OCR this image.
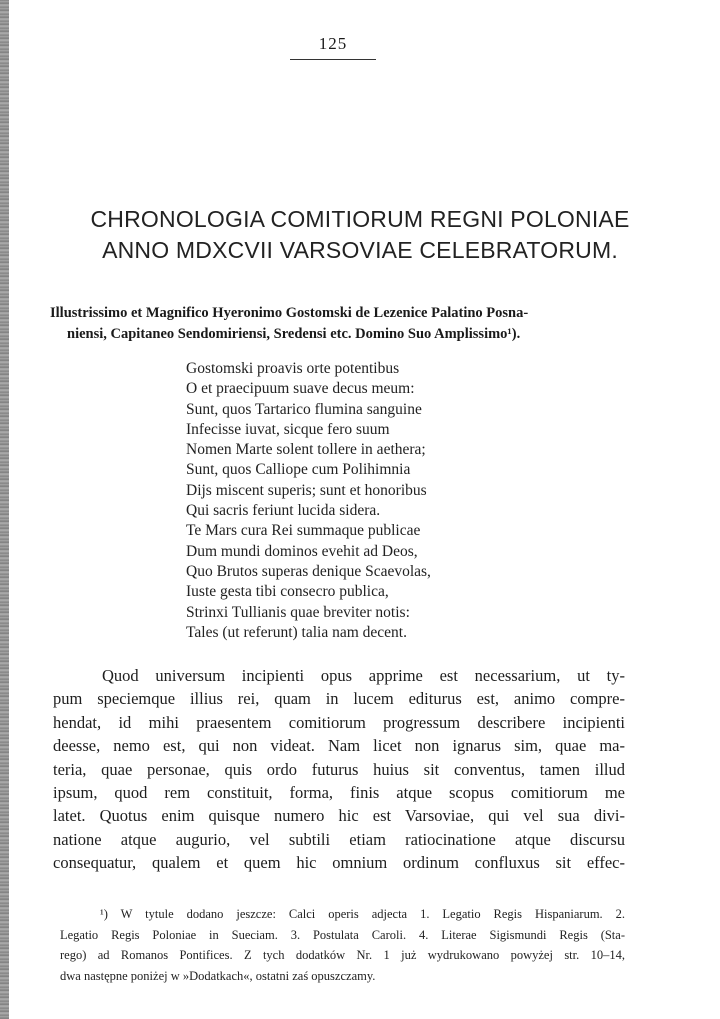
125
CHRONOLOGIA COMITIORUM REGNI POLONIAE
ANNO MDXCVII VARSOVIAE CELEBRATORUM.
Illustrissimo et Magnifico Hyeronimo Gostomski de Lezenice Palatino Posna-
niensi, Capitaneo Sendomiriensi, Sredensi etc. Domino Suo Amplissimo¹).
Gostomski proavis orte potentibus
O et praecipuum suave decus meum:
Sunt, quos Tartarico flumina sanguine
Infecisse iuvat, sicque fero suum
Nomen Marte solent tollere in aethera;
Sunt, quos Calliope cum Polihimnia
Dijs miscent superis; sunt et honoribus
Qui sacris feriunt lucida sidera.
Te Mars cura Rei summaque publicae
Dum mundi dominos evehit ad Deos,
Quo Brutos superas denique Scaevolas,
Iuste gesta tibi consecro publica,
Strinxi Tullianis quae breviter notis:
Tales (ut referunt) talia nam decent.
Quod universum incipienti opus apprime est necessarium, ut ty-
pum speciemque illius rei, quam in lucem editurus est, animo compre-
hendat, id mihi praesentem comitiorum progressum describere incipienti
deesse, nemo est, qui non videat. Nam licet non ignarus sim, quae ma-
teria, quae personae, quis ordo futurus huius sit conventus, tamen illud
ipsum, quod rem constituit, forma, finis atque scopus comitiorum me
latet. Quotus enim quisque numero hic est Varsoviae, qui vel sua divi-
natione atque augurio, vel subtili etiam ratiocinatione atque discursu
consequatur, qualem et quem hic omnium ordinum confluxus sit effec-
¹) W tytule dodano jeszcze: Calci operis adjecta 1. Legatio Regis Hispaniarum. 2.
Legatio Regis Poloniae in Sueciam. 3. Postulata Caroli. 4. Literae Sigismundi Regis (Sta-
rego) ad Romanos Pontifices. Z tych dodatków Nr. 1 już wydrukowano powyżej str. 10–14,
dwa następne poniżej w »Dodatkach«, ostatni zaś opuszczamy.
